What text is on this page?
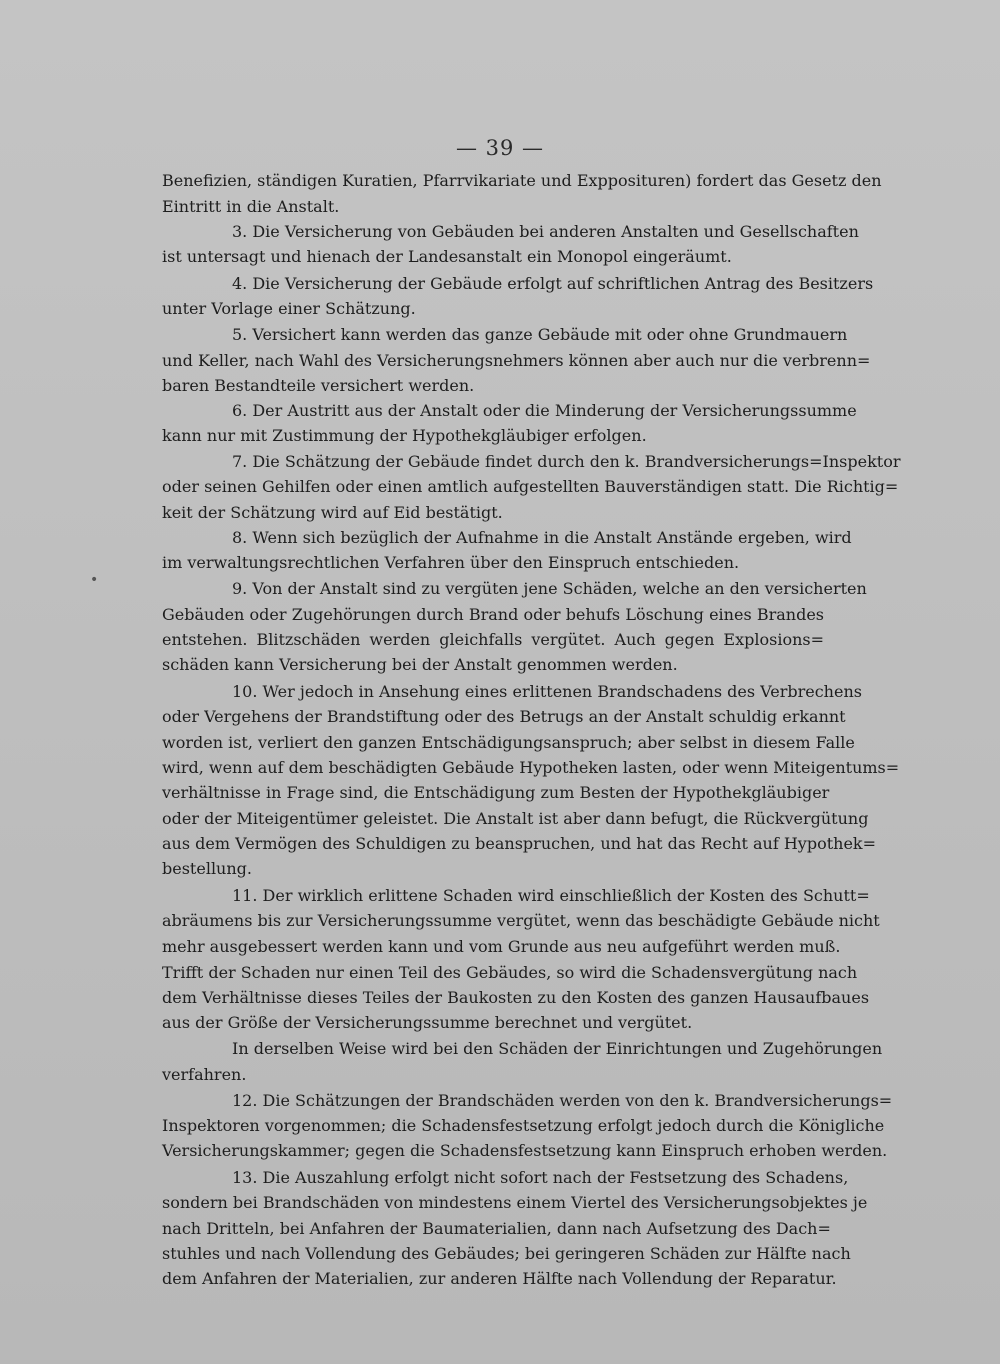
— 39 —
•
Benefizien, ständigen Kuratien, Pfarrvikariate und Expposituren) fordert das Gesetz den
Eintritt in die Anstalt.
3. Die Versicherung von Gebäuden bei anderen Anstalten und Gesellschaften
ist untersagt und hienach der Landesanstalt ein Monopol eingeräumt.
4. Die Versicherung der Gebäude erfolgt auf schriftlichen Antrag des Besitzers
unter Vorlage einer Schätzung.
5. Versichert kann werden das ganze Gebäude mit oder ohne Grundmauern
und Keller, nach Wahl des Versicherungsnehmers können aber auch nur die verbrenn=
baren Bestandteile versichert werden.
6. Der Austritt aus der Anstalt oder die Minderung der Versicherungssumme
kann nur mit Zustimmung der Hypothekgläubiger erfolgen.
7. Die Schätzung der Gebäude findet durch den k. Brandversicherungs=Inspektor
oder seinen Gehilfen oder einen amtlich aufgestellten Bauverständigen statt. Die Richtig=
keit der Schätzung wird auf Eid bestätigt.
8. Wenn sich bezüglich der Aufnahme in die Anstalt Anstände ergeben, wird
im verwaltungsrechtlichen Verfahren über den Einspruch entschieden.
9. Von der Anstalt sind zu vergüten jene Schäden, welche an den versicherten
Gebäuden oder Zugehörungen durch Brand oder behufs Löschung eines Brandes
entstehen. Blitzschäden werden gleichfalls vergütet. Auch gegen Explosions=
schäden kann Versicherung bei der Anstalt genommen werden.
10. Wer jedoch in Ansehung eines erlittenen Brandschadens des Verbrechens
oder Vergehens der Brandstiftung oder des Betrugs an der Anstalt schuldig erkannt
worden ist, verliert den ganzen Entschädigungsanspruch; aber selbst in diesem Falle
wird, wenn auf dem beschädigten Gebäude Hypotheken lasten, oder wenn Miteigentums=
verhältnisse in Frage sind, die Entschädigung zum Besten der Hypothekgläubiger
oder der Miteigentümer geleistet. Die Anstalt ist aber dann befugt, die Rückvergütung
aus dem Vermögen des Schuldigen zu beanspruchen, und hat das Recht auf Hypothek=
bestellung.
11. Der wirklich erlittene Schaden wird einschließlich der Kosten des Schutt=
abräumens bis zur Versicherungssumme vergütet, wenn das beschädigte Gebäude nicht
mehr ausgebessert werden kann und vom Grunde aus neu aufgeführt werden muß.
Trifft der Schaden nur einen Teil des Gebäudes, so wird die Schadensvergütung nach
dem Verhältnisse dieses Teiles der Baukosten zu den Kosten des ganzen Hausaufbaues
aus der Größe der Versicherungssumme berechnet und vergütet.
In derselben Weise wird bei den Schäden der Einrichtungen und Zugehörungen
verfahren.
12. Die Schätzungen der Brandschäden werden von den k. Brandversicherungs=
Inspektoren vorgenommen; die Schadensfestsetzung erfolgt jedoch durch die Königliche
Versicherungskammer; gegen die Schadensfestsetzung kann Einspruch erhoben werden.
13. Die Auszahlung erfolgt nicht sofort nach der Festsetzung des Schadens,
sondern bei Brandschäden von mindestens einem Viertel des Versicherungsobjektes je
nach Dritteln, bei Anfahren der Baumaterialien, dann nach Aufsetzung des Dach=
stuhles und nach Vollendung des Gebäudes; bei geringeren Schäden zur Hälfte nach
dem Anfahren der Materialien, zur anderen Hälfte nach Vollendung der Reparatur.
